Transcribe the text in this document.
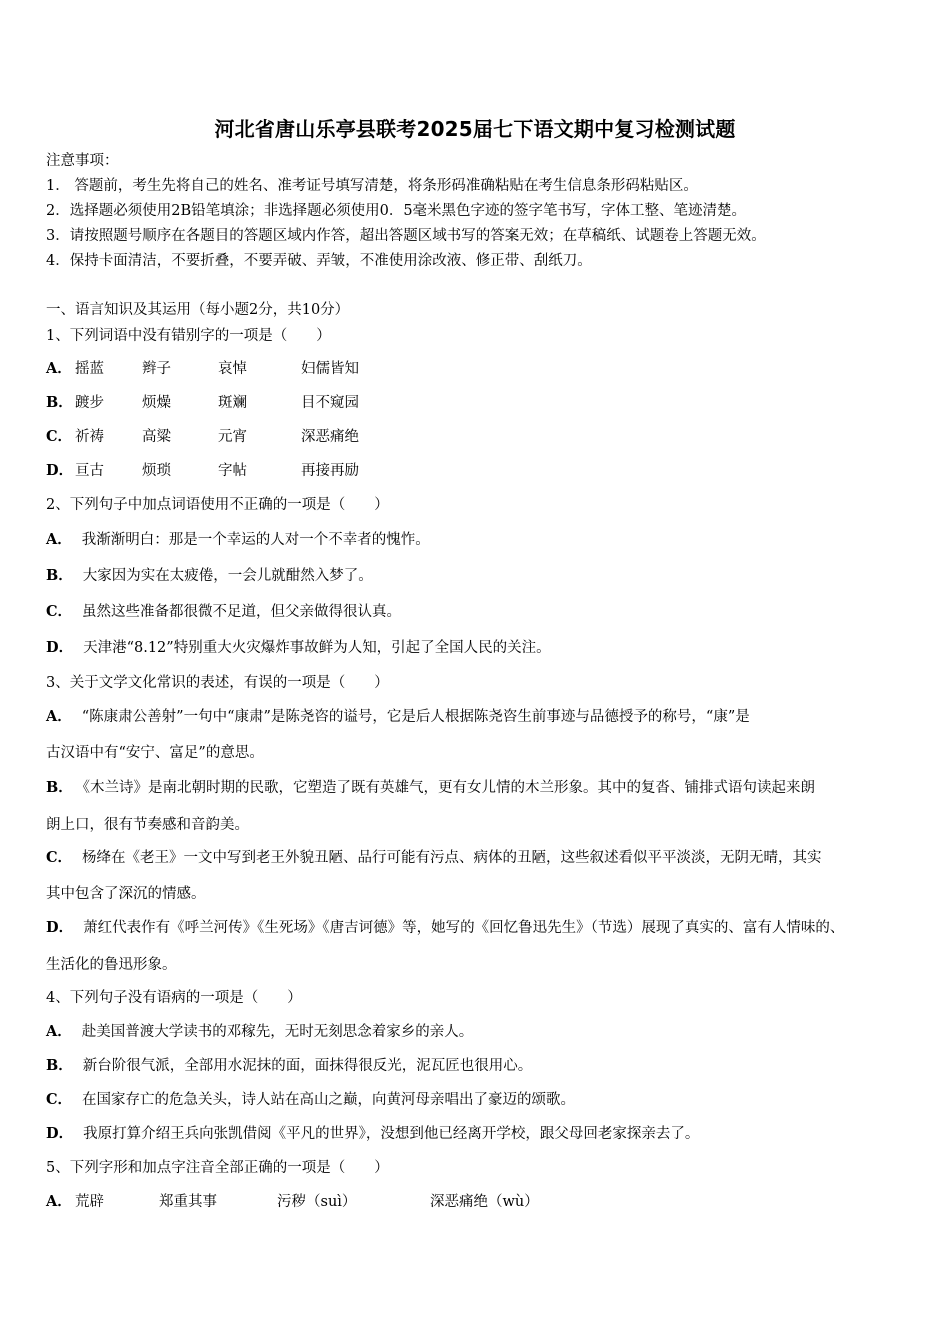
河北省唐山乐亭县联考2025届七下语文期中复习检测试题
注意事项：
1． 答题前，考生先将自己的姓名、准考证号填写清楚，将条形码准确粘贴在考生信息条形码粘贴区。
2．选择题必须使用2B铅笔填涂；非选择题必须使用0．5毫米黑色字迹的签字笔书写，字体工整、笔迹清楚。
3．请按照题号顺序在各题目的答题区域内作答，超出答题区域书写的答案无效；在草稿纸、试题卷上答题无效。
4．保持卡面清洁，不要折叠，不要弄破、弄皱，不准使用涂改液、修正带、刮纸刀。
一、语言知识及其运用（每小题2分，共10分）
1、下列词语中没有错别字的一项是（　　）
A． 摇蓝	辫子	哀悼	妇儒皆知
B． 踱步	烦燥	斑斓	目不窥园
C． 祈祷	高粱	元宵	深恶痛绝
D． 亘古	烦琐	字帖	再接再励
2、下列句子中加点词语使用不正确的一项是（　　）
A． 我渐渐明白：那是一个幸运的人对一个不幸者的愧怍。
B． 大家因为实在太疲倦，一会儿就酣然入梦了。
C． 虽然这些准备都很微不足道，但父亲做得很认真。
D． 天津港“8.12”特别重大火灾爆炸事故鲜为人知，引起了全国人民的关注。
3、关于文学文化常识的表述，有误的一项是（　　）
A． “陈康肃公善射”一句中“康肃”是陈尧咨的谥号，它是后人根据陈尧咨生前事迹与品德授予的称号，“康”是
古汉语中有“安宁、富足”的意思。
B． 《木兰诗》是南北朝时期的民歌，它塑造了既有英雄气，更有女儿情的木兰形象。其中的复沓、铺排式语句读起来朗
朗上口，很有节奏感和音韵美。
C． 杨绛在《老王》一文中写到老王外貌丑陋、品行可能有污点、病体的丑陋，这些叙述看似平平淡淡，无阴无晴，其实
其中包含了深沉的情感。
D． 萧红代表作有《呼兰河传》《生死场》《唐吉诃德》等，她写的《回忆鲁迅先生》（节选）展现了真实的、富有人情味的、
生活化的鲁迅形象。
4、下列句子没有语病的一项是（　　）
A． 赴美国普渡大学读书的邓稼先，无时无刻思念着家乡的亲人。
B． 新台阶很气派，全部用水泥抹的面，面抹得很反光，泥瓦匠也很用心。
C． 在国家存亡的危急关头，诗人站在高山之巅，向黄河母亲唱出了豪迈的颂歌。
D． 我原打算介绍王兵向张凯借阅《平凡的世界》，没想到他已经离开学校，跟父母回老家探亲去了。
5、下列字形和加点字注音全部正确的一项是（　　）
A． 荒辟	郑重其事	污秽（suì）	深恶痛绝（wù）
